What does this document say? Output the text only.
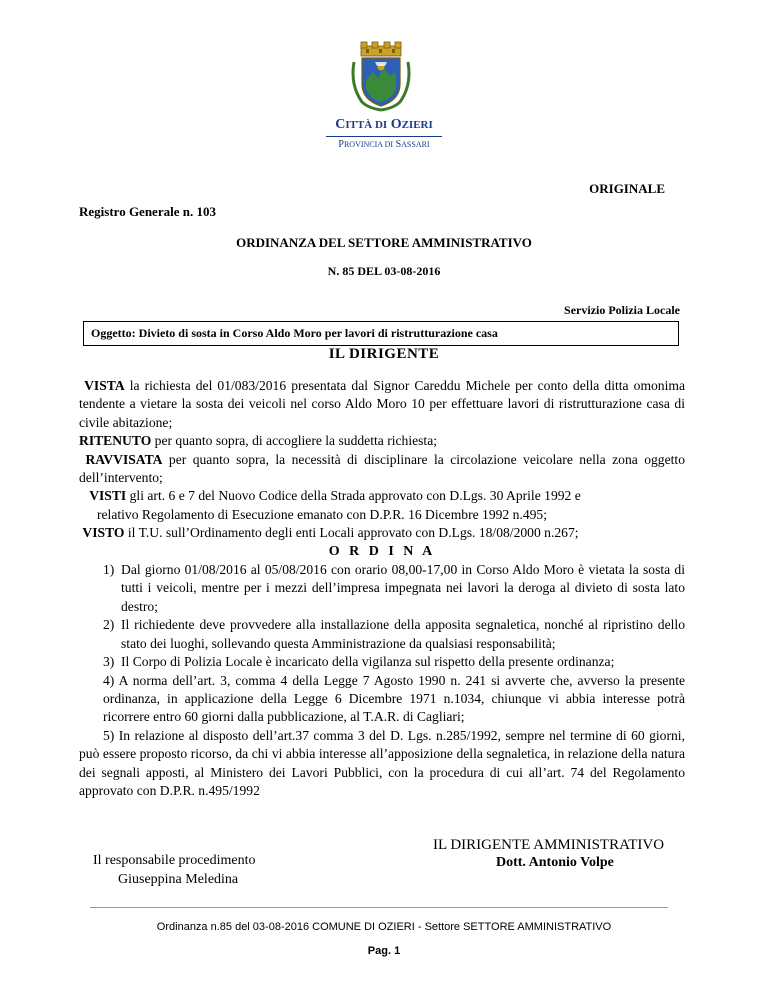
CITTÀ DI OZIERI
PROVINCIA DI SASSARI
ORIGINALE
Registro Generale n. 103
ORDINANZA DEL SETTORE AMMINISTRATIVO
N. 85 DEL 03-08-2016
Servizio Polizia Locale
Oggetto: Divieto di sosta in Corso Aldo Moro per lavori di ristrutturazione casa
IL DIRIGENTE

VISTA la richiesta del 01/083/2016 presentata dal Signor Careddu Michele per conto della ditta omonima tendente a vietare la sosta dei veicoli nel corso Aldo Moro 10 per effettuare lavori di ristrutturazione casa di civile abitazione;

RITENUTO per quanto sopra, di accogliere la suddetta richiesta;

RAVVISATA per quanto sopra, la necessità di disciplinare la circolazione veicolare nella zona oggetto dell’intervento;

VISTI gli art. 6 e 7 del Nuovo Codice della Strada approvato con D.Lgs. 30 Aprile 1992 e

relativo Regolamento di Esecuzione emanato con D.P.R. 16 Dicembre 1992 n.495;

VISTO il T.U. sull’Ordinamento degli enti Locali approvato con D.Lgs. 18/08/2000 n.267;

O R D I N A

1) Dal giorno 01/08/2016 al 05/08/2016 con orario 08,00-17,00 in Corso Aldo Moro è vietata la sosta di tutti i veicoli, mentre per i mezzi dell’impresa impegnata nei lavori la deroga al divieto di sosta lato destro;
2) Il richiedente deve provvedere alla installazione della apposita segnaletica, nonché al ripristino dello stato dei luoghi, sollevando questa Amministrazione da qualsiasi responsabilità;
3) Il Corpo di Polizia Locale è incaricato della vigilanza sul rispetto della presente ordinanza;

4) A norma dell’art. 3, comma 4 della Legge 7 Agosto 1990 n. 241 si avverte che, avverso la presente ordinanza, in applicazione della Legge 6 Dicembre 1971 n.1034, chiunque vi abbia interesse potrà ricorrere entro 60 giorni dalla pubblicazione, al T.A.R. di Cagliari;

5) In relazione al disposto dell’art.37 comma 3 del D. Lgs. n.285/1992, sempre nel termine di 60 giorni, può essere proposto ricorso, da chi vi abbia interesse all’apposizione della segnaletica, in relazione della natura dei segnali apposti, al Ministero dei Lavori Pubblici, con la procedura di cui all’art. 74 del Regolamento approvato con D.P.R. n.495/1992

IL DIRIGENTE AMMINISTRATIVO
Dott. Antonio Volpe
Il responsabile procedimento
Giuseppina Meledina
Ordinanza n.85 del 03-08-2016 COMUNE DI OZIERI - Settore SETTORE AMMINISTRATIVO
Pag. 1
